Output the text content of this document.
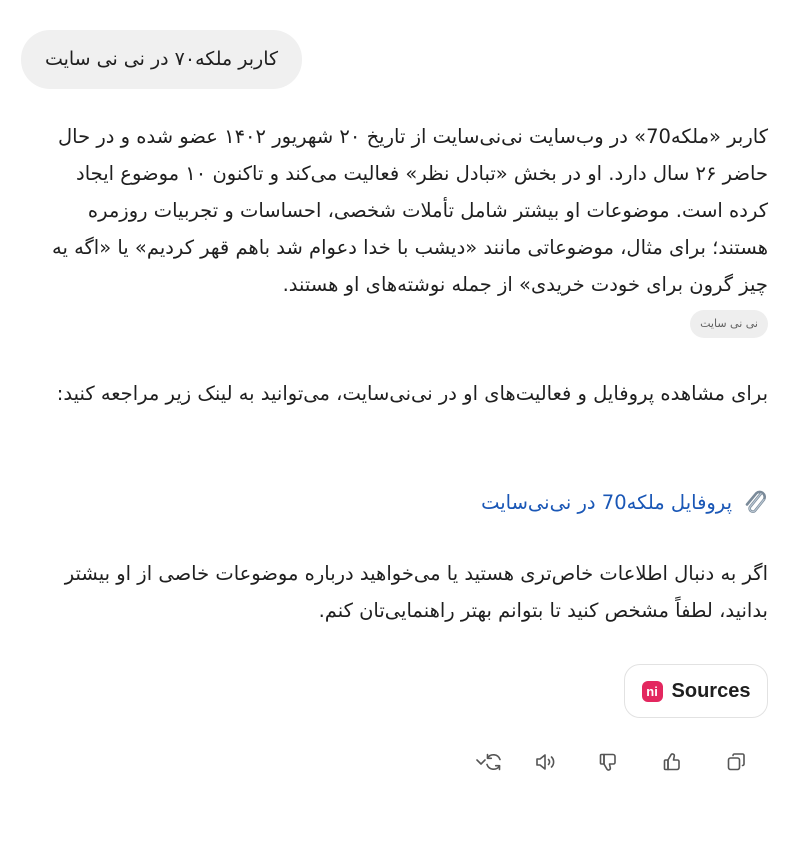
کاربر ملکه۷۰ در نی نی سایت

کاربر «ملکه70» در وب‌سایت نی‌نی‌سایت از تاریخ ۲۰ شهریور ۱۴۰۲ عضو شده و در حال حاضر ۲۶ سال دارد. او در بخش «تبادل نظر» فعالیت می‌کند و تاکنون ۱۰ موضوع ایجاد کرده است. موضوعات او بیشتر شامل تأملات شخصی، احساسات و تجربیات روزمره هستند؛ برای مثال، موضوعاتی مانند «دیشب با خدا دعوام شد باهم قهر کردیم» یا «اگه یه چیز گرون برای خودت خریدی» از جمله نوشته‌های او هستند.

نی نی سایت

برای مشاهده پروفایل و فعالیت‌های او در نی‌نی‌سایت، می‌توانید به لینک زیر مراجعه کنید:

پروفایل ملکه70 در نی‌نی‌سایت

اگر به دنبال اطلاعات خاص‌تری هستید یا می‌خواهید درباره موضوعات خاصی از او بیشتر بدانید، لطفاً مشخص کنید تا بتوانم بهتر راهنمایی‌تان کنم.

ni Sources
